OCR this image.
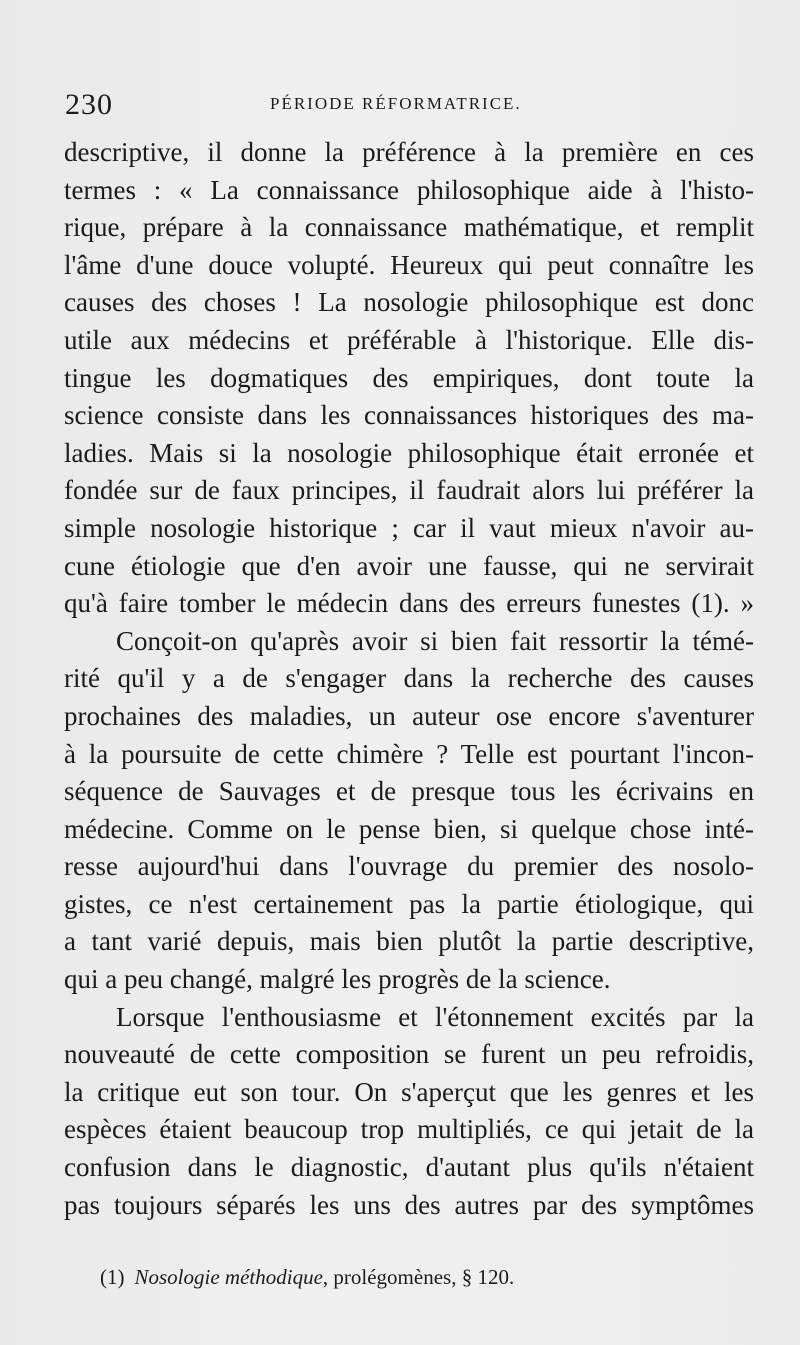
230	PÉRIODE RÉFORMATRICE.
descriptive, il donne la préférence à la première en ces
termes : « La connaissance philosophique aide à l'histo-
rique, prépare à la connaissance mathématique, et remplit
l'âme d'une douce volupté. Heureux qui peut connaître les
causes des choses ! La nosologie philosophique est donc
utile aux médecins et préférable à l'historique. Elle dis-
tingue les dogmatiques des empiriques, dont toute la
science consiste dans les connaissances historiques des ma-
ladies. Mais si la nosologie philosophique était erronée et
fondée sur de faux principes, il faudrait alors lui préférer la
simple nosologie historique ; car il vaut mieux n'avoir au-
cune étiologie que d'en avoir une fausse, qui ne servirait
qu'à faire tomber le médecin dans des erreurs funestes (1). »
Conçoit-on qu'après avoir si bien fait ressortir la témé-
rité qu'il y a de s'engager dans la recherche des causes
prochaines des maladies, un auteur ose encore s'aventurer
à la poursuite de cette chimère ? Telle est pourtant l'incon-
séquence de Sauvages et de presque tous les écrivains en
médecine. Comme on le pense bien, si quelque chose inté-
resse aujourd'hui dans l'ouvrage du premier des nosolo-
gistes, ce n'est certainement pas la partie étiologique, qui
a tant varié depuis, mais bien plutôt la partie descriptive,
qui a peu changé, malgré les progrès de la science.
Lorsque l'enthousiasme et l'étonnement excités par la
nouveauté de cette composition se furent un peu refroidis,
la critique eut son tour. On s'aperçut que les genres et les
espèces étaient beaucoup trop multipliés, ce qui jetait de la
confusion dans le diagnostic, d'autant plus qu'ils n'étaient
pas toujours séparés les uns des autres par des symptômes
(1) Nosologie méthodique, prolégomènes, § 120.
